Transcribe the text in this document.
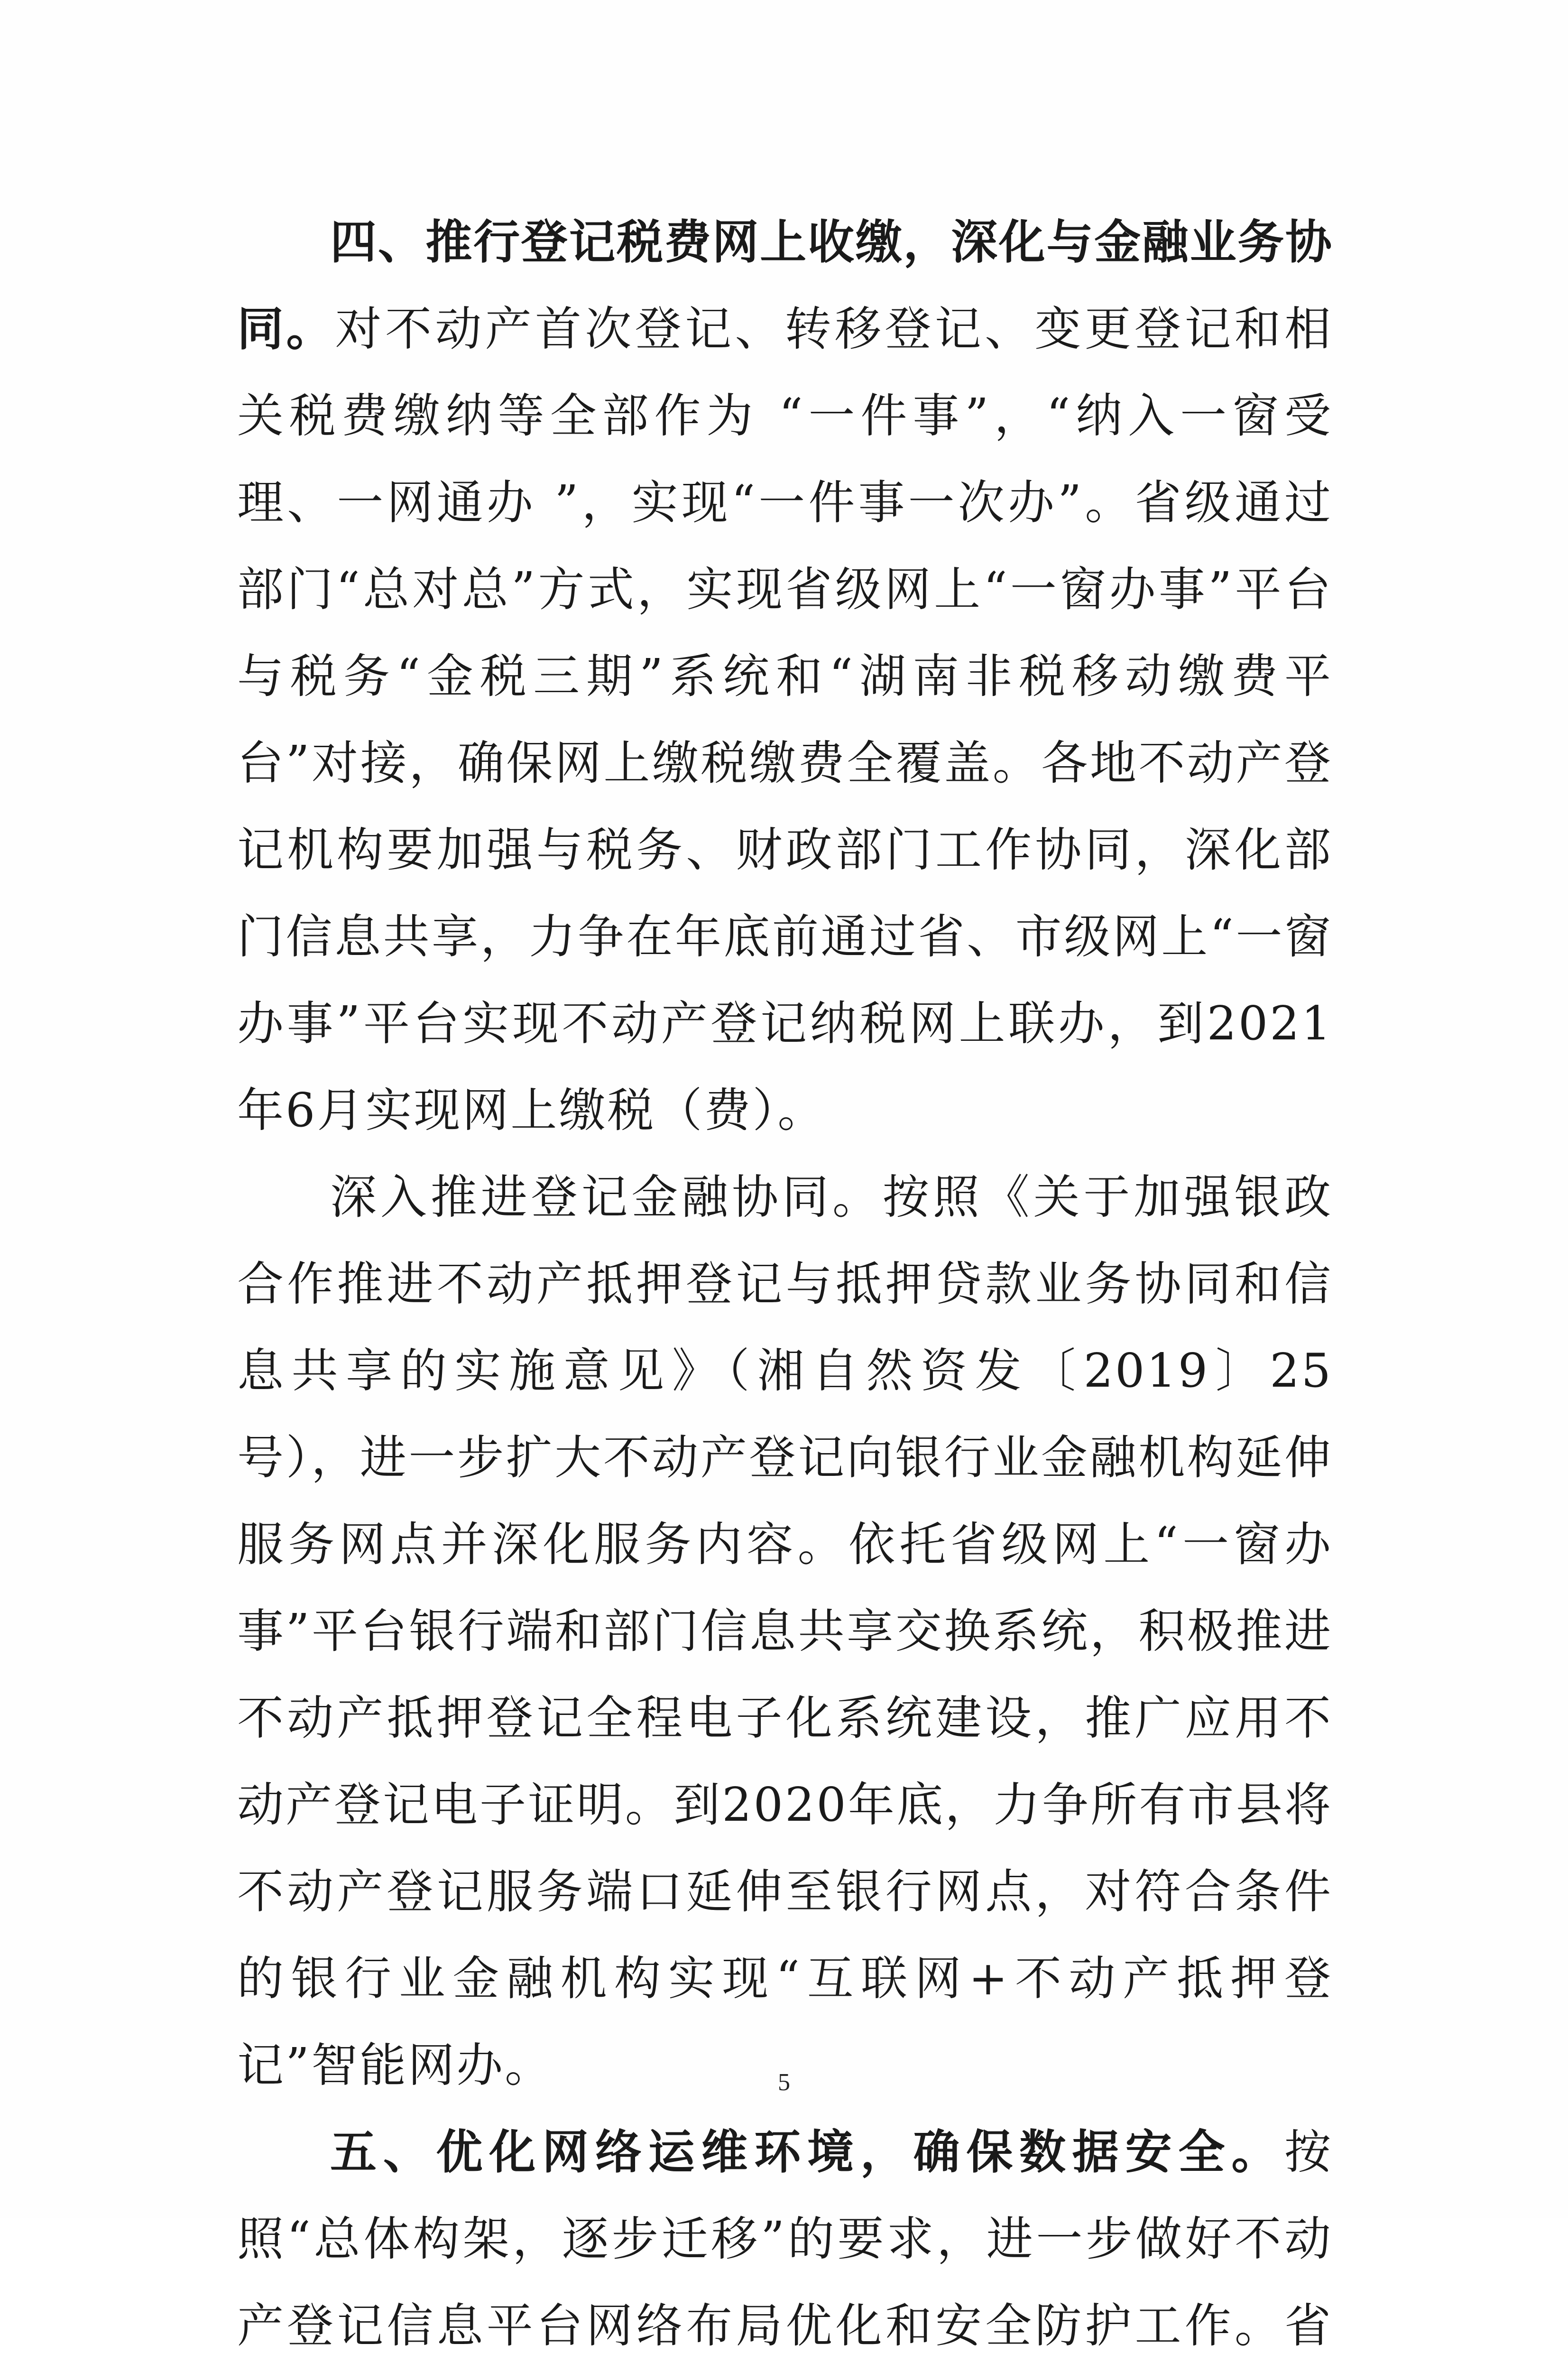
四、推行登记税费网上收缴，深化与金融业务协同。对不动产首次登记、转移登记、变更登记和相关税费缴纳等全部作为 “一件事”，“纳入一窗受理、一网通办 ”，实现“一件事一次办”。省级通过部门“总对总”方式，实现省级网上“一窗办事”平台与税务“金税三期”系统和“湖南非税移动缴费平台”对接，确保网上缴税缴费全覆盖。各地不动产登记机构要加强与税务、财政部门工作协同，深化部门信息共享，力争在年底前通过省、市级网上“一窗办事”平台实现不动产登记纳税网上联办，到2021年6月实现网上缴税（费）。

深入推进登记金融协同。按照《关于加强银政合作推进不动产抵押登记与抵押贷款业务协同和信息共享的实施意见》（湘自然资发〔2019〕25号），进一步扩大不动产登记向银行业金融机构延伸服务网点并深化服务内容。依托省级网上“一窗办事”平台银行端和部门信息共享交换系统，积极推进不动产抵押登记全程电子化系统建设，推广应用不动产登记电子证明。到2020年底，力争所有市县将不动产登记服务端口延伸至银行网点，对符合条件的银行业金融机构实现“互联网+不动产抵押登记”智能网办。

五、优化网络运维环境，确保数据安全。按照“总体构架，逐步迁移”的要求，进一步做好不动产登记信息平台网络布局优化和安全防护工作。省

5
